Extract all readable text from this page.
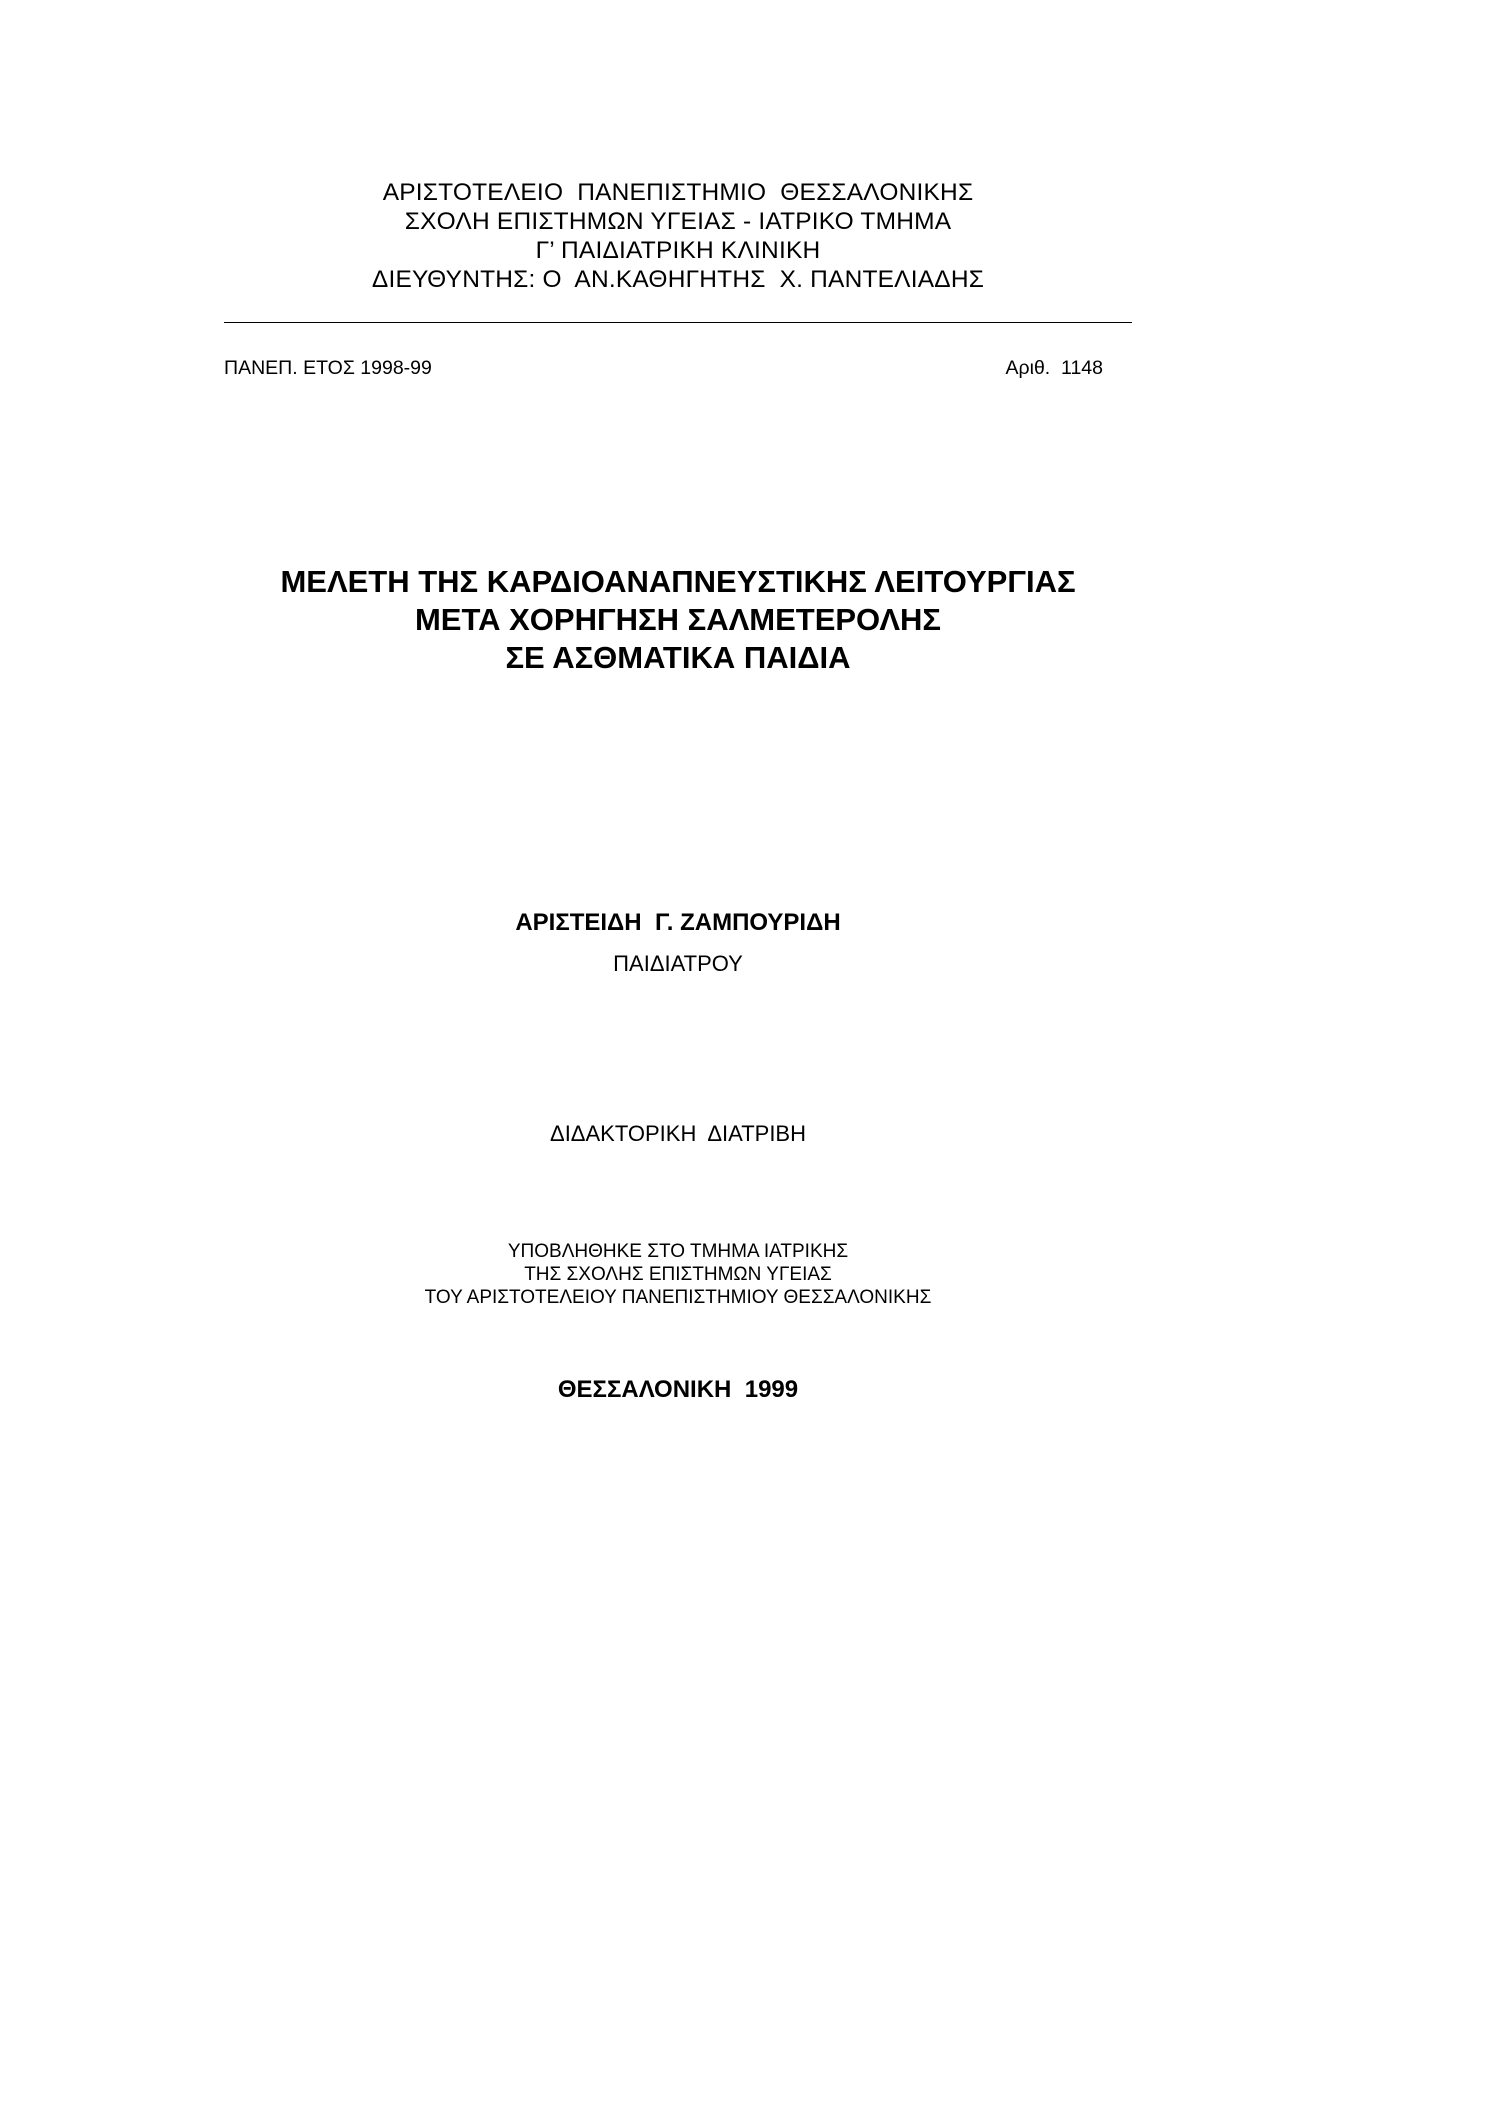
ΑΡΙΣΤΟΤΕΛΕΙΟ  ΠΑΝΕΠΙΣΤΗΜΙΟ  ΘΕΣΣΑΛΟΝΙΚΗΣ
ΣΧΟΛΗ ΕΠΙΣΤΗΜΩΝ ΥΓΕΙΑΣ - ΙΑΤΡΙΚΟ ΤΜΗΜΑ
Γ’ ΠΑΙΔΙΑΤΡΙΚΗ ΚΛΙΝΙΚΗ
ΔΙΕΥΘΥΝΤΗΣ: Ο  ΑΝ.ΚΑΘΗΓΗΤΗΣ  Χ. ΠΑΝΤΕΛΙΑΔΗΣ
ΠΑΝΕΠ. ΕΤΟΣ 1998-99	Αριθ.  1148
ΜΕΛΕΤΗ ΤΗΣ ΚΑΡΔΙΟΑΝΑΠΝΕΥΣΤΙΚΗΣ ΛΕΙΤΟΥΡΓΙΑΣ
ΜΕΤΑ ΧΟΡΗΓΗΣΗ ΣΑΛΜΕΤΕΡΟΛΗΣ
ΣΕ ΑΣΘΜΑΤΙΚΑ ΠΑΙΔΙΑ
ΑΡΙΣΤΕΙΔΗ  Γ. ΖΑΜΠΟΥΡΙΔΗ
ΠΑΙΔΙΑΤΡΟΥ
ΔΙΔΑΚΤΟΡΙΚΗ  ΔΙΑΤΡΙΒΗ
ΥΠΟΒΛΗΘΗΚΕ ΣΤΟ ΤΜΗΜΑ ΙΑΤΡΙΚΗΣ
ΤΗΣ ΣΧΟΛΗΣ ΕΠΙΣΤΗΜΩΝ ΥΓΕΙΑΣ
ΤΟΥ ΑΡΙΣΤΟΤΕΛΕΙΟΥ ΠΑΝΕΠΙΣΤΗΜΙΟΥ ΘΕΣΣΑΛΟΝΙΚΗΣ
ΘΕΣΣΑΛΟΝΙΚΗ  1999
